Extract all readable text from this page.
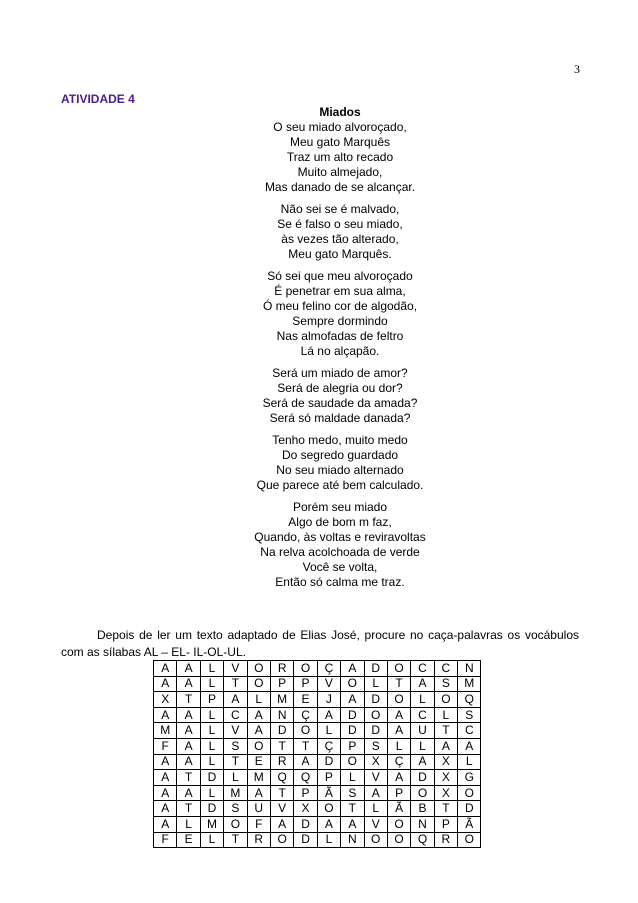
3
ATIVIDADE 4
Miados
O seu miado alvoroçado,
Meu gato Marquês
Traz um alto recado
Muito almejado,
Mas danado de se alcançar.
Não sei se é malvado,
Se é falso o seu miado,
às vezes tão alterado,
Meu gato Marquês.
Só sei que meu alvoroçado
É penetrar em sua alma,
Ó meu felino cor de algodão,
Sempre dormindo
Nas almofadas de feltro
Lá no alçapão.
Será um miado de amor?
Será de alegria ou dor?
Será de saudade da amada?
Será só maldade danada?
Tenho medo, muito medo
Do segredo guardado
No seu miado alternado
Que parece até bem calculado.
Porém seu miado
Algo de bom m faz,
Quando, às voltas e reviravoltas
Na relva acolchoada de verde
Você se volta,
Então só calma me traz.
Depois de ler um texto adaptado de Elias José, procure no caça-palavras os vocábulos com as sílabas AL – EL- IL-OL-UL.
A	A	L	V	O	R	O	Ç	A	D	O	C	C	N
A	A	L	T	O	P	P	V	O	L	T	A	S	M
X	T	P	A	L	M	E	J	A	D	O	L	O	Q
A	A	L	C	A	N	Ç	A	D	O	A	C	L	S
M	A	L	V	A	D	O	L	D	D	A	U	T	C
F	A	L	S	O	T	T	Ç	P	S	L	L	A	A
A	A	L	T	E	R	A	D	O	X	Ç	A	X	L
A	T	D	L	M	Q	Q	P	L	V	A	D	X	G
A	A	L	M	A	T	P	Ã	S	A	P	O	X	O
A	T	D	S	U	V	X	O	T	L	Ã	B	T	D
A	L	M	O	F	A	D	A	A	V	O	N	P	Ã
F	E	L	T	R	O	D	L	N	O	O	Q	R	O
